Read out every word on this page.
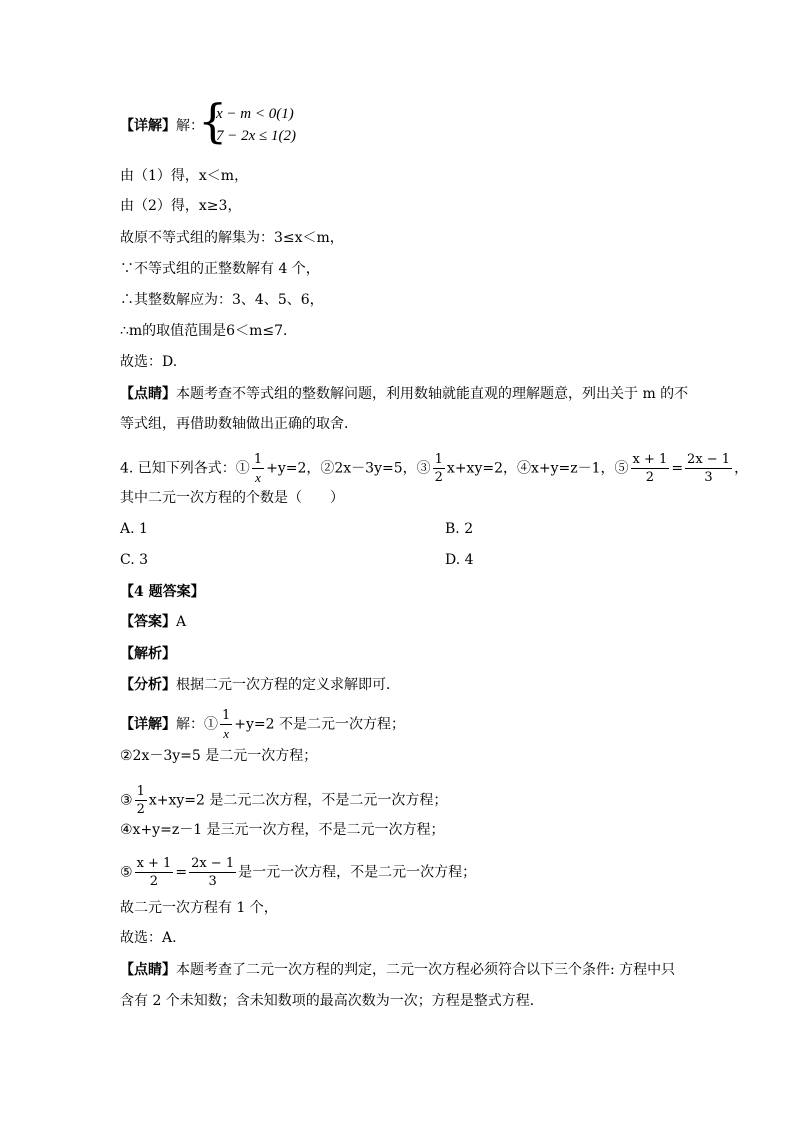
【详解】解：
{
x − m < 0(1)
7 − 2x ≤ 1(2)
由（1）得，x＜m，
由（2）得，x≥3，
故原不等式组的解集为：3≤x＜m，
∵不等式组的正整数解有 4 个，
∴其整数解应为：3、4、5、6，
∴m的取值范围是6＜m≤7．
故选：D.
【点睛】本题考查不等式组的整数解问题，利用数轴就能直观的理解题意，列出关于 m 的不
等式组，再借助数轴做出正确的取舍．
4. 已知下列各式：① $\frac{1}{x} +y=2$，②2x－3y=5，③ $\frac{1}{2} x+xy=2$，④x+y=z－1，⑤ $\frac{x + 1}{2} = \frac{2x - 1}{3}$ ，
其中二元一次方程的个数是（　　）
A. 1	B. 2
C. 3	D. 4
【4 题答案】
【答案】A
【解析】
【分析】根据二元一次方程的定义求解即可．
【详解】解：① $\frac{1}{x} +y=2$ 不是二元一次方程；
②2x－3y=5 是二元一次方程；
③ $\frac{1}{2} x+xy=2$ 是二元二次方程，不是二元一次方程；
④x+y=z－1 是三元一次方程，不是二元一次方程；
⑤ $\frac{x + 1}{2} = \frac{2x - 1}{3}$ 是一元一次方程，不是二元一次方程；
故二元一次方程有 1 个，
故选：A.
【点睛】本题考查了二元一次方程的判定，二元一次方程必须符合以下三个条件: 方程中只
含有 2 个未知数；含未知数项的最高次数为一次；方程是整式方程．
